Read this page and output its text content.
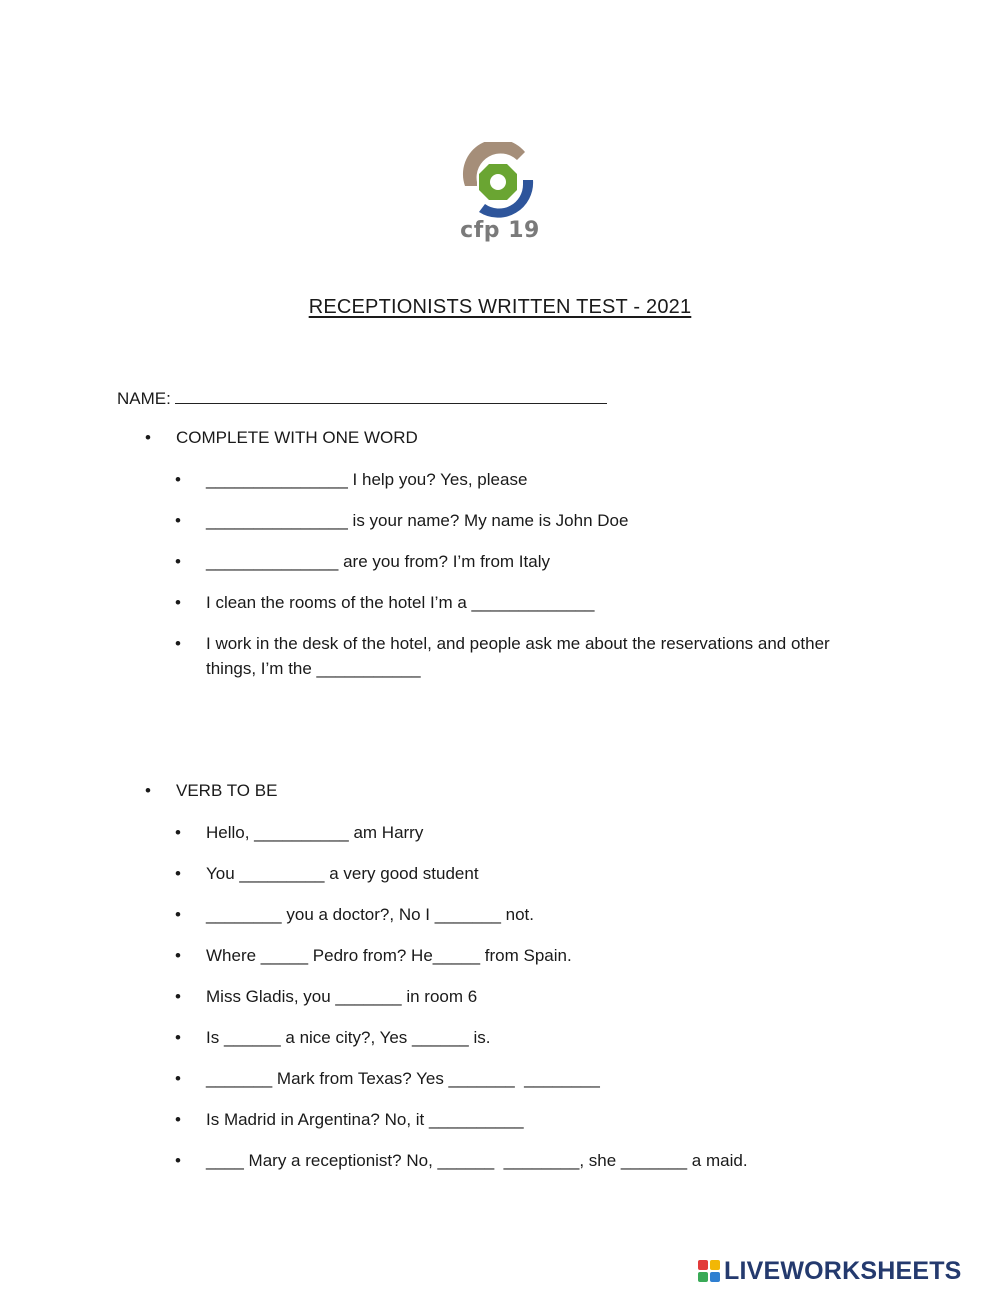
cfp 19
RECEPTIONISTS WRITTEN TEST - 2021
NAME:
• COMPLETE WITH ONE WORD
• _______________ I help you? Yes, please
• _______________ is your name? My name is John Doe
• ______________ are you from? I’m from Italy
• I clean the rooms of the hotel I’m a _____________
• I work in the desk of the hotel, and people ask me about the reservations and other things, I’m the ___________
• VERB TO BE
• Hello, __________ am Harry
• You _________ a very good student
• ________ you a doctor?, No I _______ not.
• Where _____ Pedro from? He_____ from Spain.
• Miss Gladis, you _______ in room 6
• Is ______ a nice city?, Yes ______ is.
• _______ Mark from Texas? Yes _______  ________
• Is Madrid in Argentina? No, it __________
• ____ Mary a receptionist? No, ______  ________, she _______ a maid.
LIVEWORKSHEETS
